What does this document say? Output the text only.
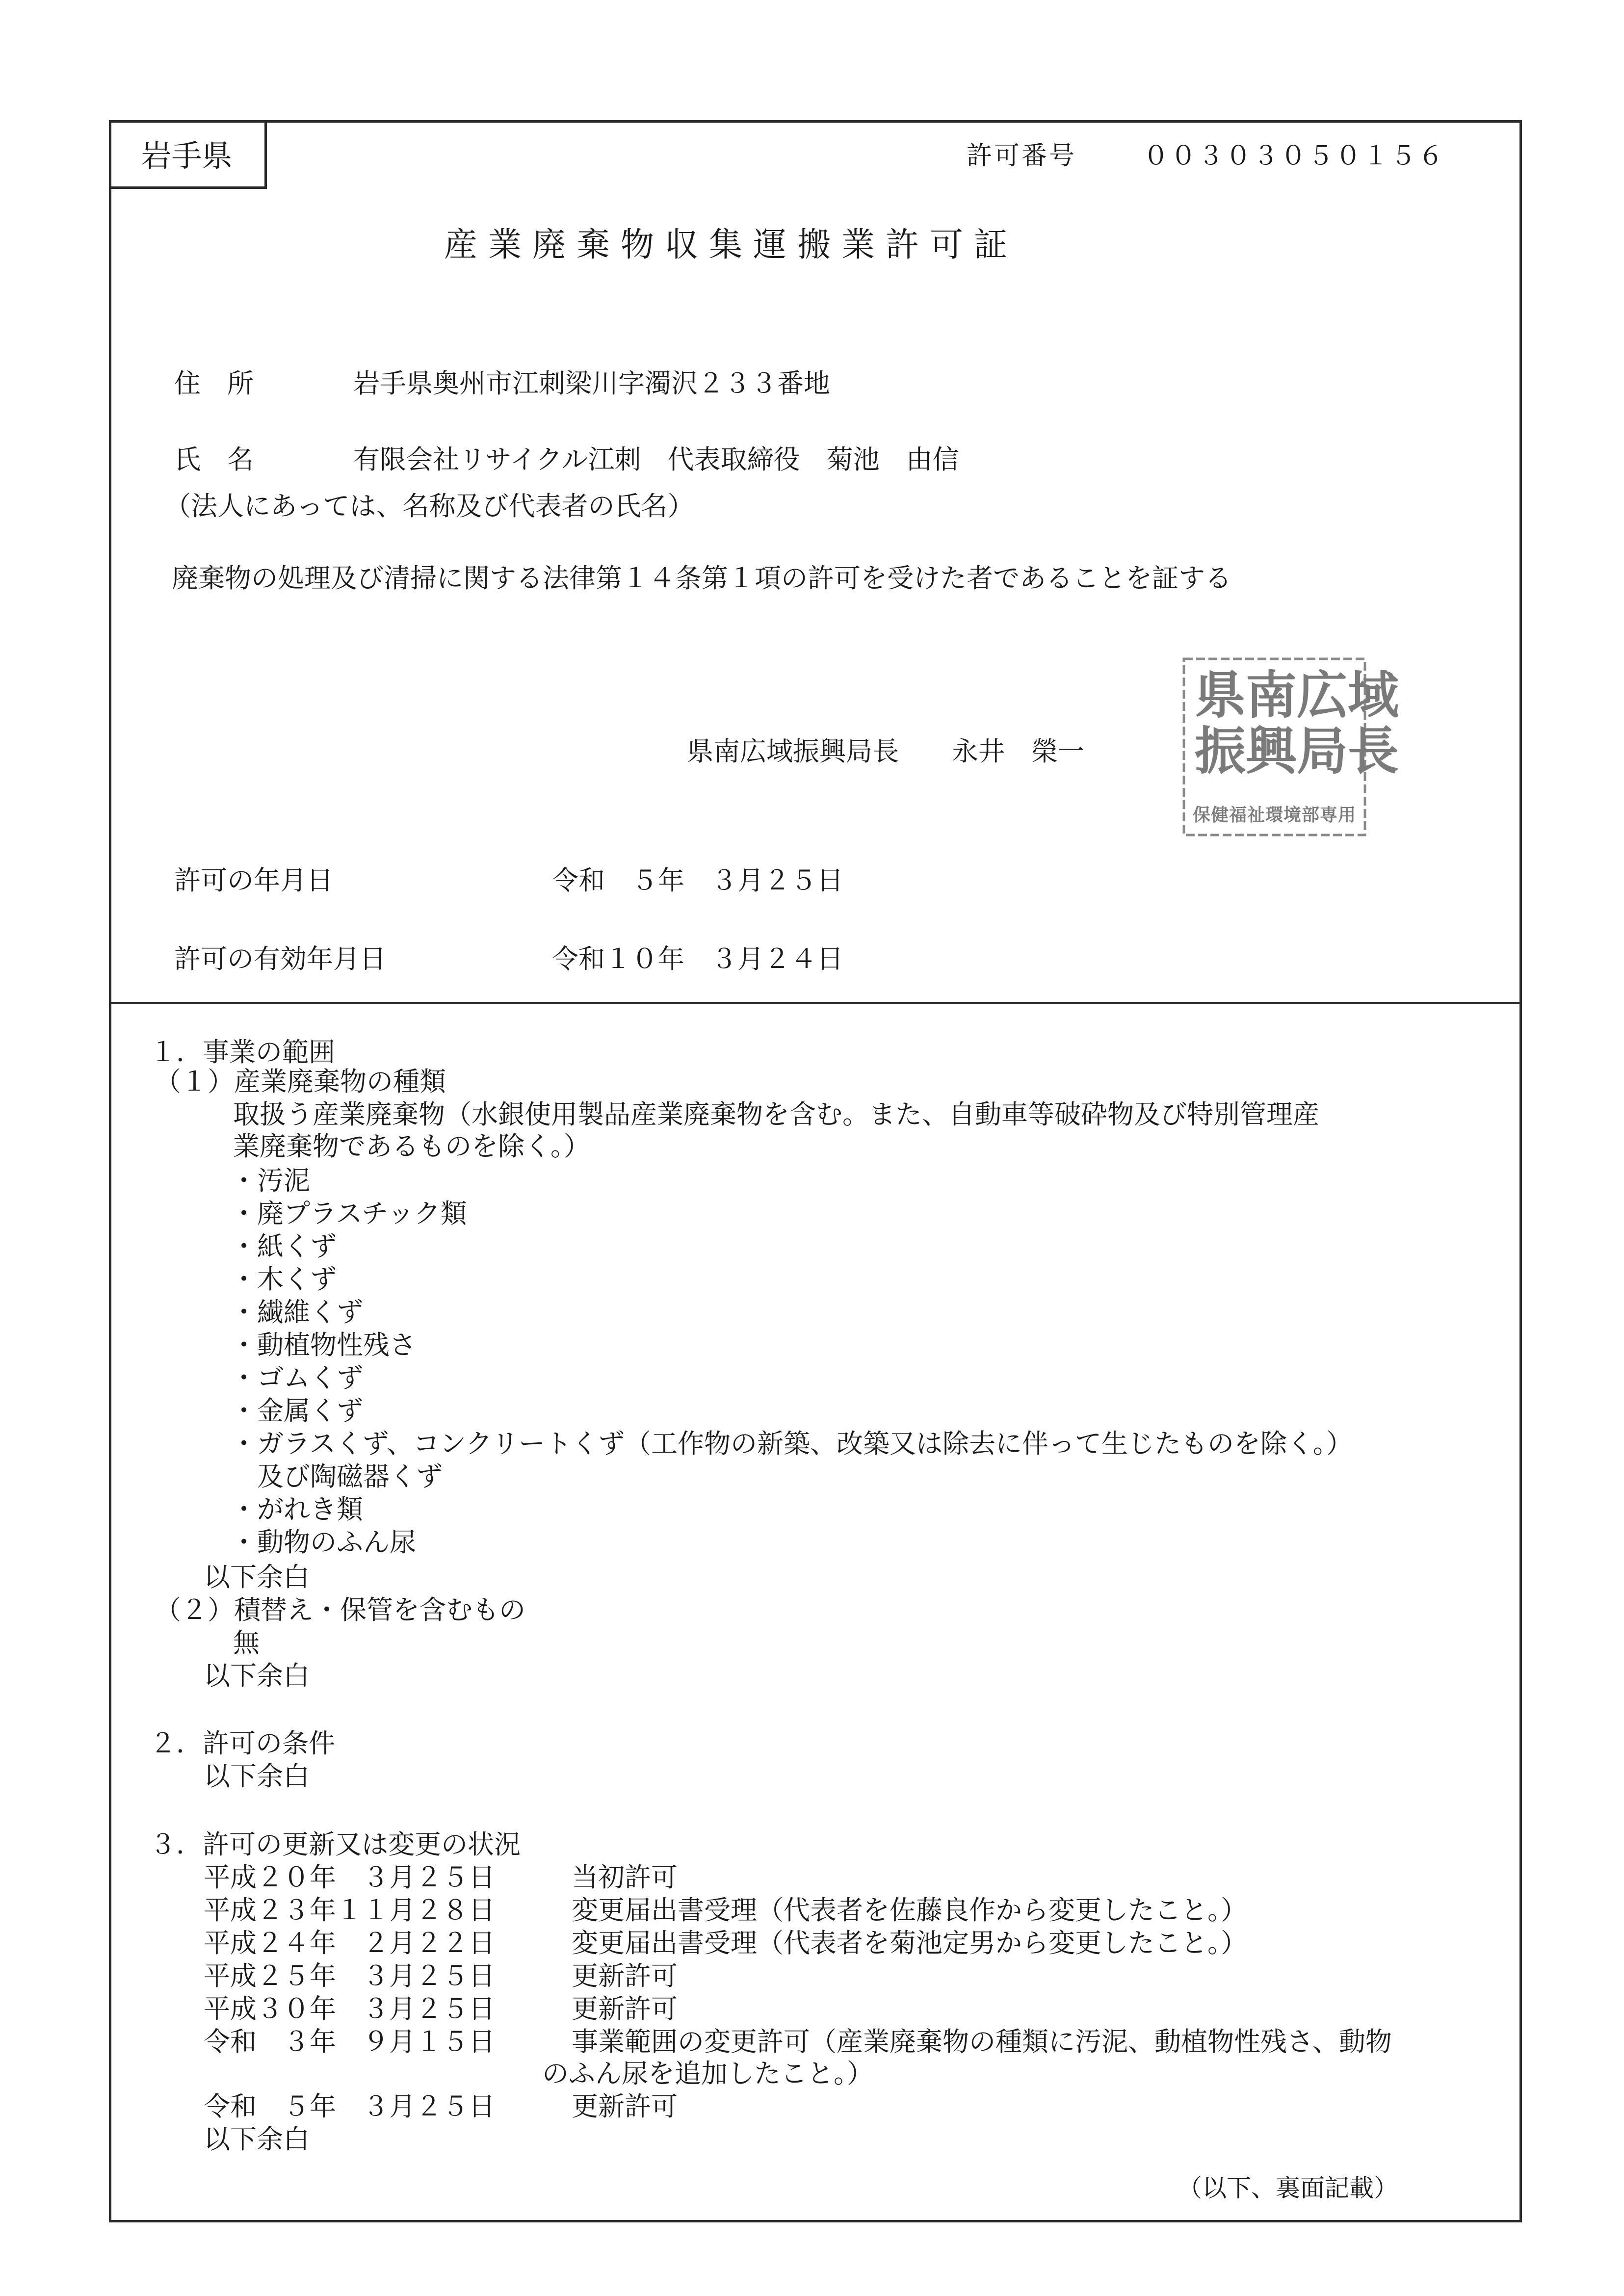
岩手県	許可番号	００３０３０５０１５６
産業廃棄物収集運搬業許可証
住　所	岩手県奥州市江刺梁川字濁沢２３３番地
氏　名	有限会社リサイクル江刺　代表取締役　菊池　由信
（法人にあっては、名称及び代表者の氏名）
廃棄物の処理及び清掃に関する法律第１４条第１項の許可を受けた者であることを証する
県南広域振興局長　　永井　榮一
県南広域
振興局長
保健福祉環境部専用
許可の年月日	令和　５年　３月２５日
許可の有効年月日	令和１０年　３月２４日
１．事業の範囲
（１）産業廃棄物の種類
取扱う産業廃棄物（水銀使用製品産業廃棄物を含む。また、自動車等破砕物及び特別管理産
業廃棄物であるものを除く。）
・汚泥
・廃プラスチック類
・紙くず
・木くず
・繊維くず
・動植物性残さ
・ゴムくず
・金属くず
・ガラスくず、コンクリートくず（工作物の新築、改築又は除去に伴って生じたものを除く。）
　及び陶磁器くず
・がれき類
・動物のふん尿
以下余白
（２）積替え・保管を含むもの
無
以下余白
２．許可の条件
以下余白
３．許可の更新又は変更の状況
平成２０年　３月２５日	当初許可
平成２３年１１月２８日	変更届出書受理（代表者を佐藤良作から変更したこと。）
平成２４年　２月２２日	変更届出書受理（代表者を菊池定男から変更したこと。）
平成２５年　３月２５日	更新許可
平成３０年　３月２５日	更新許可
令和　３年　９月１５日	事業範囲の変更許可（産業廃棄物の種類に汚泥、動植物性残さ、動物
のふん尿を追加したこと。）
令和　５年　３月２５日	更新許可
以下余白
（以下、裏面記載）
